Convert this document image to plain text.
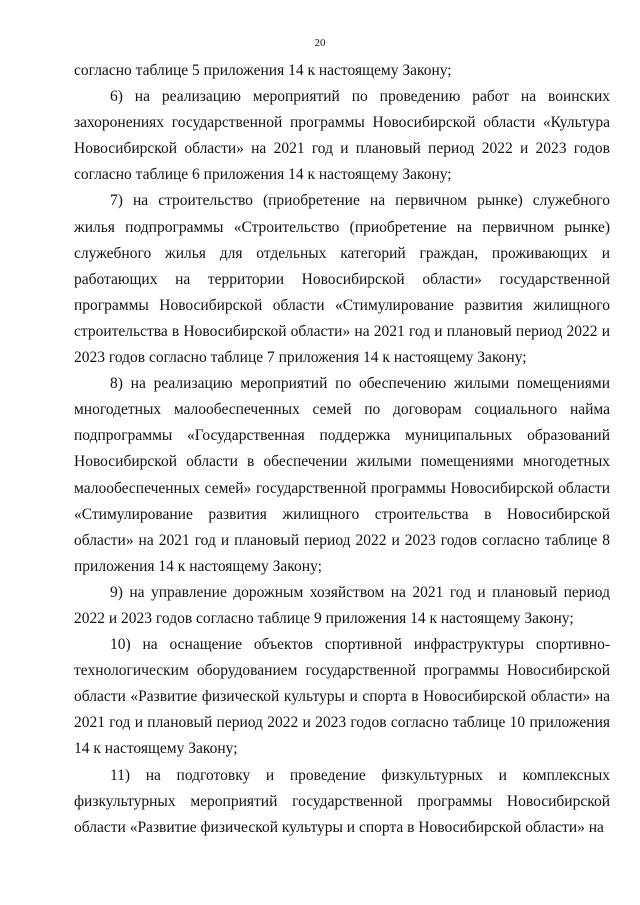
20

согласно таблице 5 приложения 14 к настоящему Закону;

6) на реализацию мероприятий по проведению работ на воинских захоронениях государственной программы Новосибирской области «Культура Новосибирской области» на 2021 год и плановый период 2022 и 2023 годов согласно таблице 6 приложения 14 к настоящему Закону;

7) на строительство (приобретение на первичном рынке) служебного жилья подпрограммы «Строительство (приобретение на первичном рынке) служебного жилья для отдельных категорий граждан, проживающих и работающих на территории Новосибирской области» государственной программы Новосибирской области «Стимулирование развития жилищного строительства в Новосибирской области» на 2021 год и плановый период 2022 и 2023 годов согласно таблице 7 приложения 14 к настоящему Закону;

8) на реализацию мероприятий по обеспечению жилыми помещениями многодетных малообеспеченных семей по договорам социального найма подпрограммы «Государственная поддержка муниципальных образований Новосибирской области в обеспечении жилыми помещениями многодетных малообеспеченных семей» государственной программы Новосибирской области «Стимулирование развития жилищного строительства в Новосибирской области» на 2021 год и плановый период 2022 и 2023 годов согласно таблице 8 приложения 14 к настоящему Закону;

9) на управление дорожным хозяйством на 2021 год и плановый период 2022 и 2023 годов согласно таблице 9 приложения 14 к настоящему Закону;

10) на оснащение объектов спортивной инфраструктуры спортивно-технологическим оборудованием государственной программы Новосибирской области «Развитие физической культуры и спорта в Новосибирской области» на 2021 год и плановый период 2022 и 2023 годов согласно таблице 10 приложения 14 к настоящему Закону;

11) на подготовку и проведение физкультурных и комплексных физкультурных мероприятий государственной программы Новосибирской области «Развитие физической культуры и спорта в Новосибирской области» на
